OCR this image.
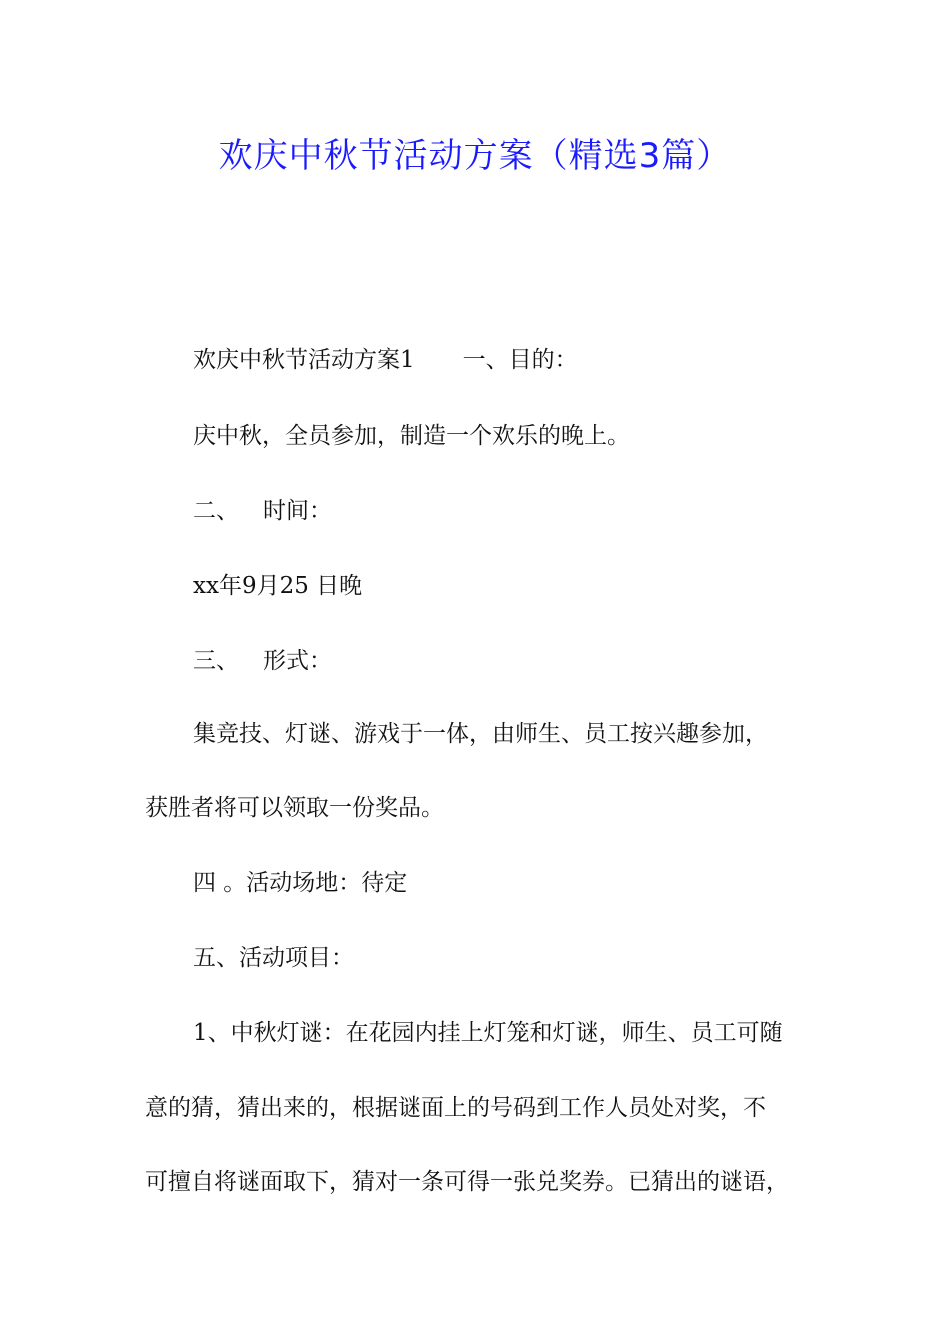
欢庆中秋节活动方案（精选3篇）
欢庆中秋节活动方案1 一、目的：
庆中秋，全员参加，制造一个欢乐的晚上。
二、 时间：
xx年9月25 日晚
三、 形式：
集竞技、灯谜、游戏于一体，由师生、员工按兴趣参加，
获胜者将可以领取一份奖品。
四 。活动场地：待定
五、活动项目：
1、中秋灯谜：在花园内挂上灯笼和灯谜，师生、员工可随
意的猜，猜出来的，根据谜面上的号码到工作人员处对奖，不
可擅自将谜面取下，猜对一条可得一张兑奖券。已猜出的谜语，
